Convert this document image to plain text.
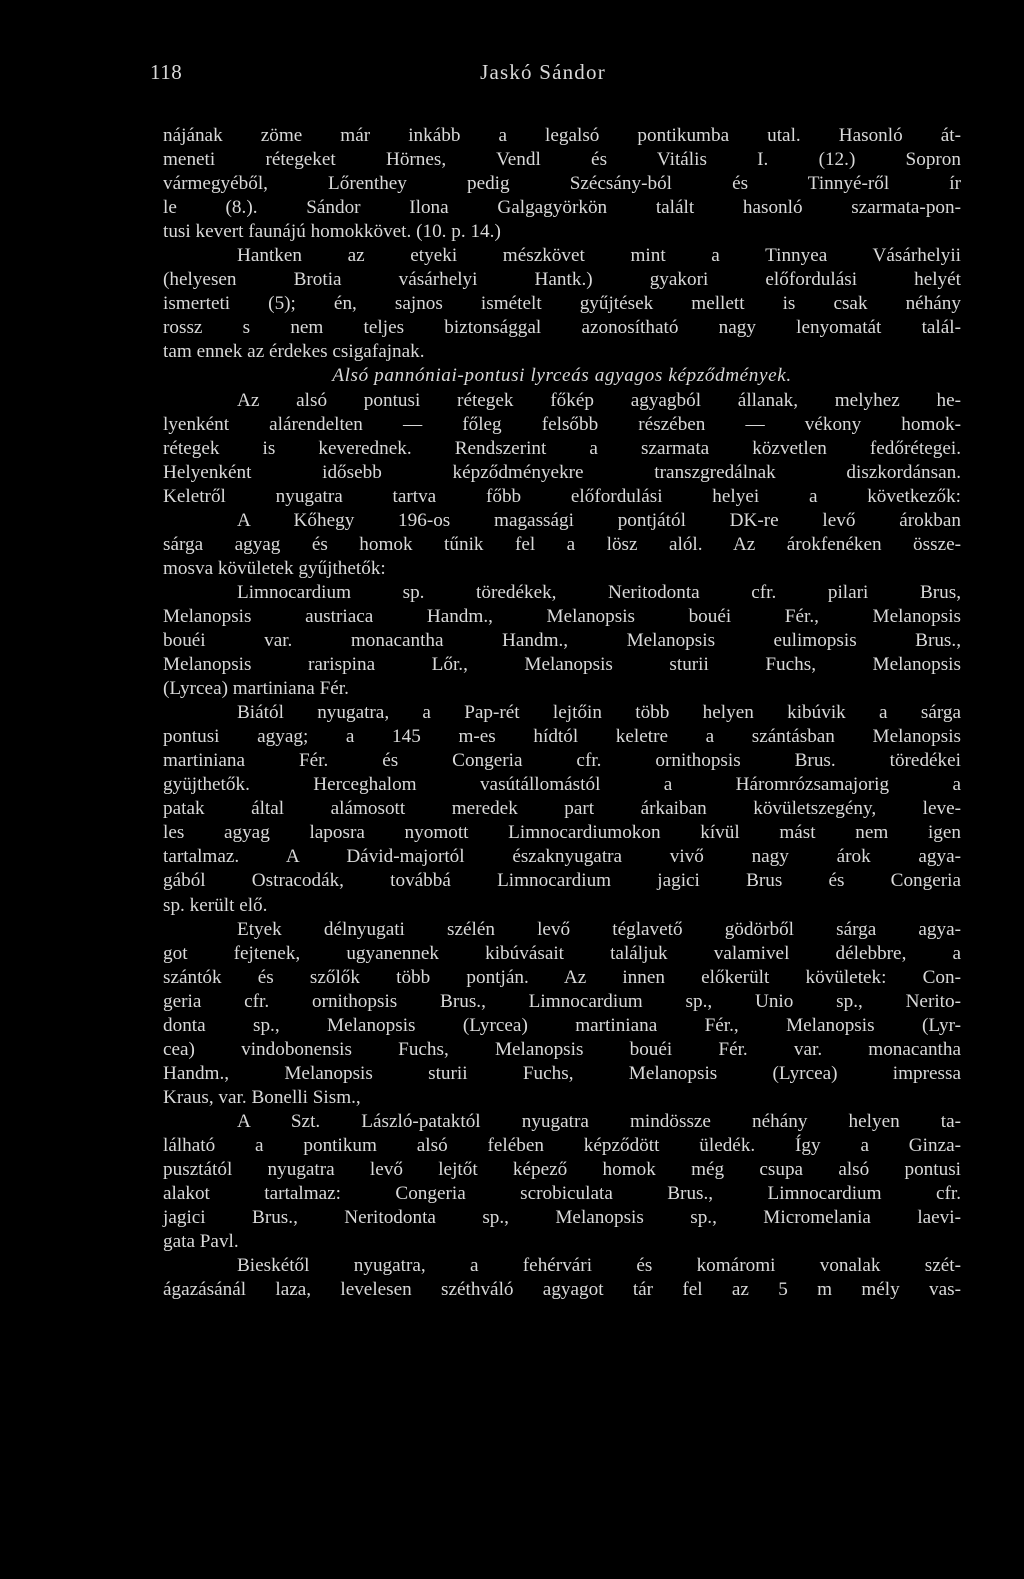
118	Jaskó Sándor
nájának zöme már inkább a legalsó pontikumba utal. Hasonló át-
meneti rétegeket Hörnes, Vendl és Vitális I. (12.) Sopron
vármegyéből, Lőrenthey pedig Szécsány-ból és Tinnyé-ről ír
le (8.). Sándor Ilona Galgagyörkön talált hasonló szarmata-pon-
tusi kevert faunájú homokkövet. (10. p. 14.)
Hantken az etyeki mészkövet mint a Tinnyea Vásárhelyii
(helyesen Brotia vásárhelyi Hantk.) gyakori előfordulási helyét
ismerteti (5); én, sajnos ismételt gyűjtések mellett is csak néhány
rossz s nem teljes biztonsággal azonosítható nagy lenyomatát talál-
tam ennek az érdekes csigafajnak.
Alsó pannóniai-pontusi lyrceás agyagos képződmények.
Az alsó pontusi rétegek főkép agyagból állanak, melyhez he-
lyenként alárendelten — főleg felsőbb részében — vékony homok-
rétegek is keverednek. Rendszerint a szarmata közvetlen fedőrétegei.
Helyenként idősebb képződményekre transzgredálnak diszkordánsan.
Keletről nyugatra tartva főbb előfordulási helyei a következők:
A Kőhegy 196-os magassági pontjától DK-re levő árokban
sárga agyag és homok tűnik fel a lösz alól. Az árokfenéken össze-
mosva kövületek gyűjthetők:
Limnocardium sp. töredékek, Neritodonta cfr. pilari Brus,
Melanopsis austriaca Handm., Melanopsis bouéi Fér., Melanopsis
bouéi var. monacantha Handm., Melanopsis eulimopsis Brus.,
Melanopsis rarispina Lőr., Melanopsis sturii Fuchs, Melanopsis
(Lyrcea) martiniana Fér.
Biától nyugatra, a Pap-rét lejtőin több helyen kibúvik a sárga
pontusi agyag; a 145 m-es hídtól keletre a szántásban Melanopsis
martiniana Fér. és Congeria cfr. ornithopsis Brus. töredékei
gyüjthetők. Herceghalom vasútállomástól a Háromrózsamajorig a
patak által alámosott meredek part árkaiban kövületszegény, leve-
les agyag laposra nyomott Limnocardiumokon kívül mást nem igen
tartalmaz. A Dávid-majortól északnyugatra vivő nagy árok agya-
gából Ostracodák, továbbá Limnocardium jagici Brus és Congeria
sp. került elő.
Etyek délnyugati szélén levő téglavető gödörből sárga agya-
got fejtenek, ugyanennek kibúvásait találjuk valamivel délebbre, a
szántók és szőlők több pontján. Az innen előkerült kövületek: Con-
geria cfr. ornithopsis Brus., Limnocardium sp., Unio sp., Nerito-
donta sp., Melanopsis (Lyrcea) martiniana Fér., Melanopsis (Lyr-
cea) vindobonensis Fuchs, Melanopsis bouéi Fér. var. monacantha
Handm., Melanopsis sturii Fuchs, Melanopsis (Lyrcea) impressa
Kraus, var. Bonelli Sism.,
A Szt. László-pataktól nyugatra mindössze néhány helyen ta-
lálható a pontikum alsó felében képződött üledék. Így a Ginza-
pusztától nyugatra levő lejtőt képező homok még csupa alsó pontusi
alakot tartalmaz: Congeria scrobiculata Brus., Limnocardium cfr.
jagici Brus., Neritodonta sp., Melanopsis sp., Micromelania laevi-
gata Pavl.
Bieskétől nyugatra, a fehérvári és komáromi vonalak szét-
ágazásánál laza, levelesen széthváló agyagot tár fel az 5 m mély vas-
